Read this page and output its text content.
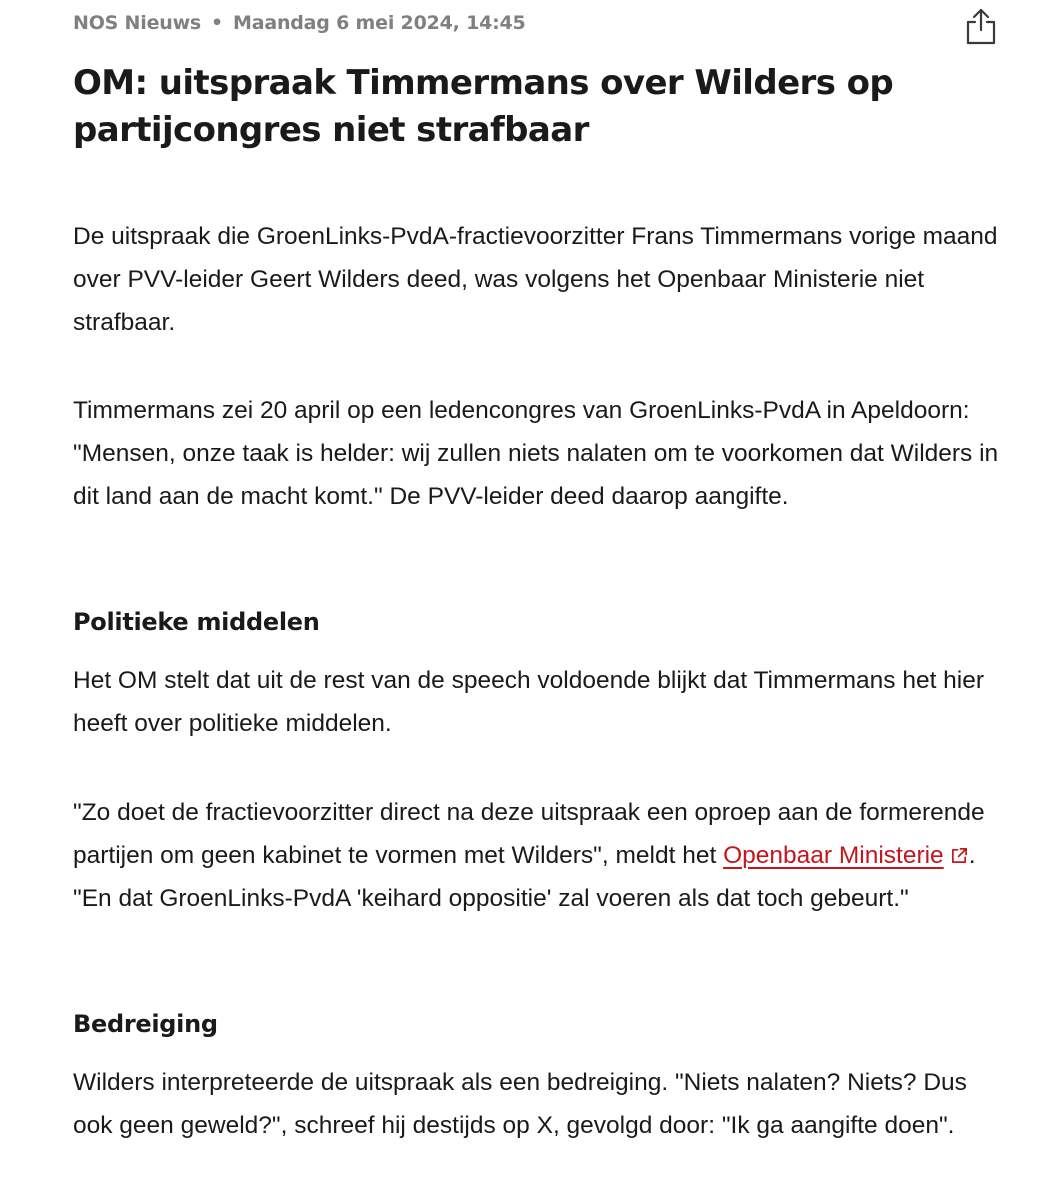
NOS Nieuws • Maandag 6 mei 2024, 14:45
OM: uitspraak Timmermans over Wilders op partijcongres niet strafbaar

De uitspraak die GroenLinks-PvdA-fractievoorzitter Frans Timmermans vorige maand over PVV-leider Geert Wilders deed, was volgens het Openbaar Ministerie niet strafbaar.

Timmermans zei 20 april op een ledencongres van GroenLinks-PvdA in Apeldoorn: "Mensen, onze taak is helder: wij zullen niets nalaten om te voorkomen dat Wilders in dit land aan de macht komt." De PVV-leider deed daarop aangifte.

Politieke middelen

Het OM stelt dat uit de rest van de speech voldoende blijkt dat Timmermans het hier heeft over politieke middelen.

"Zo doet de fractievoorzitter direct na deze uitspraak een oproep aan de formerende partijen om geen kabinet te vormen met Wilders", meldt het Openbaar Ministerie . "En dat GroenLinks-PvdA 'keihard oppositie' zal voeren als dat toch gebeurt."

Bedreiging

Wilders interpreteerde de uitspraak als een bedreiging. "Niets nalaten? Niets? Dus ook geen geweld?", schreef hij destijds op X, gevolgd door: "Ik ga aangifte doen".
